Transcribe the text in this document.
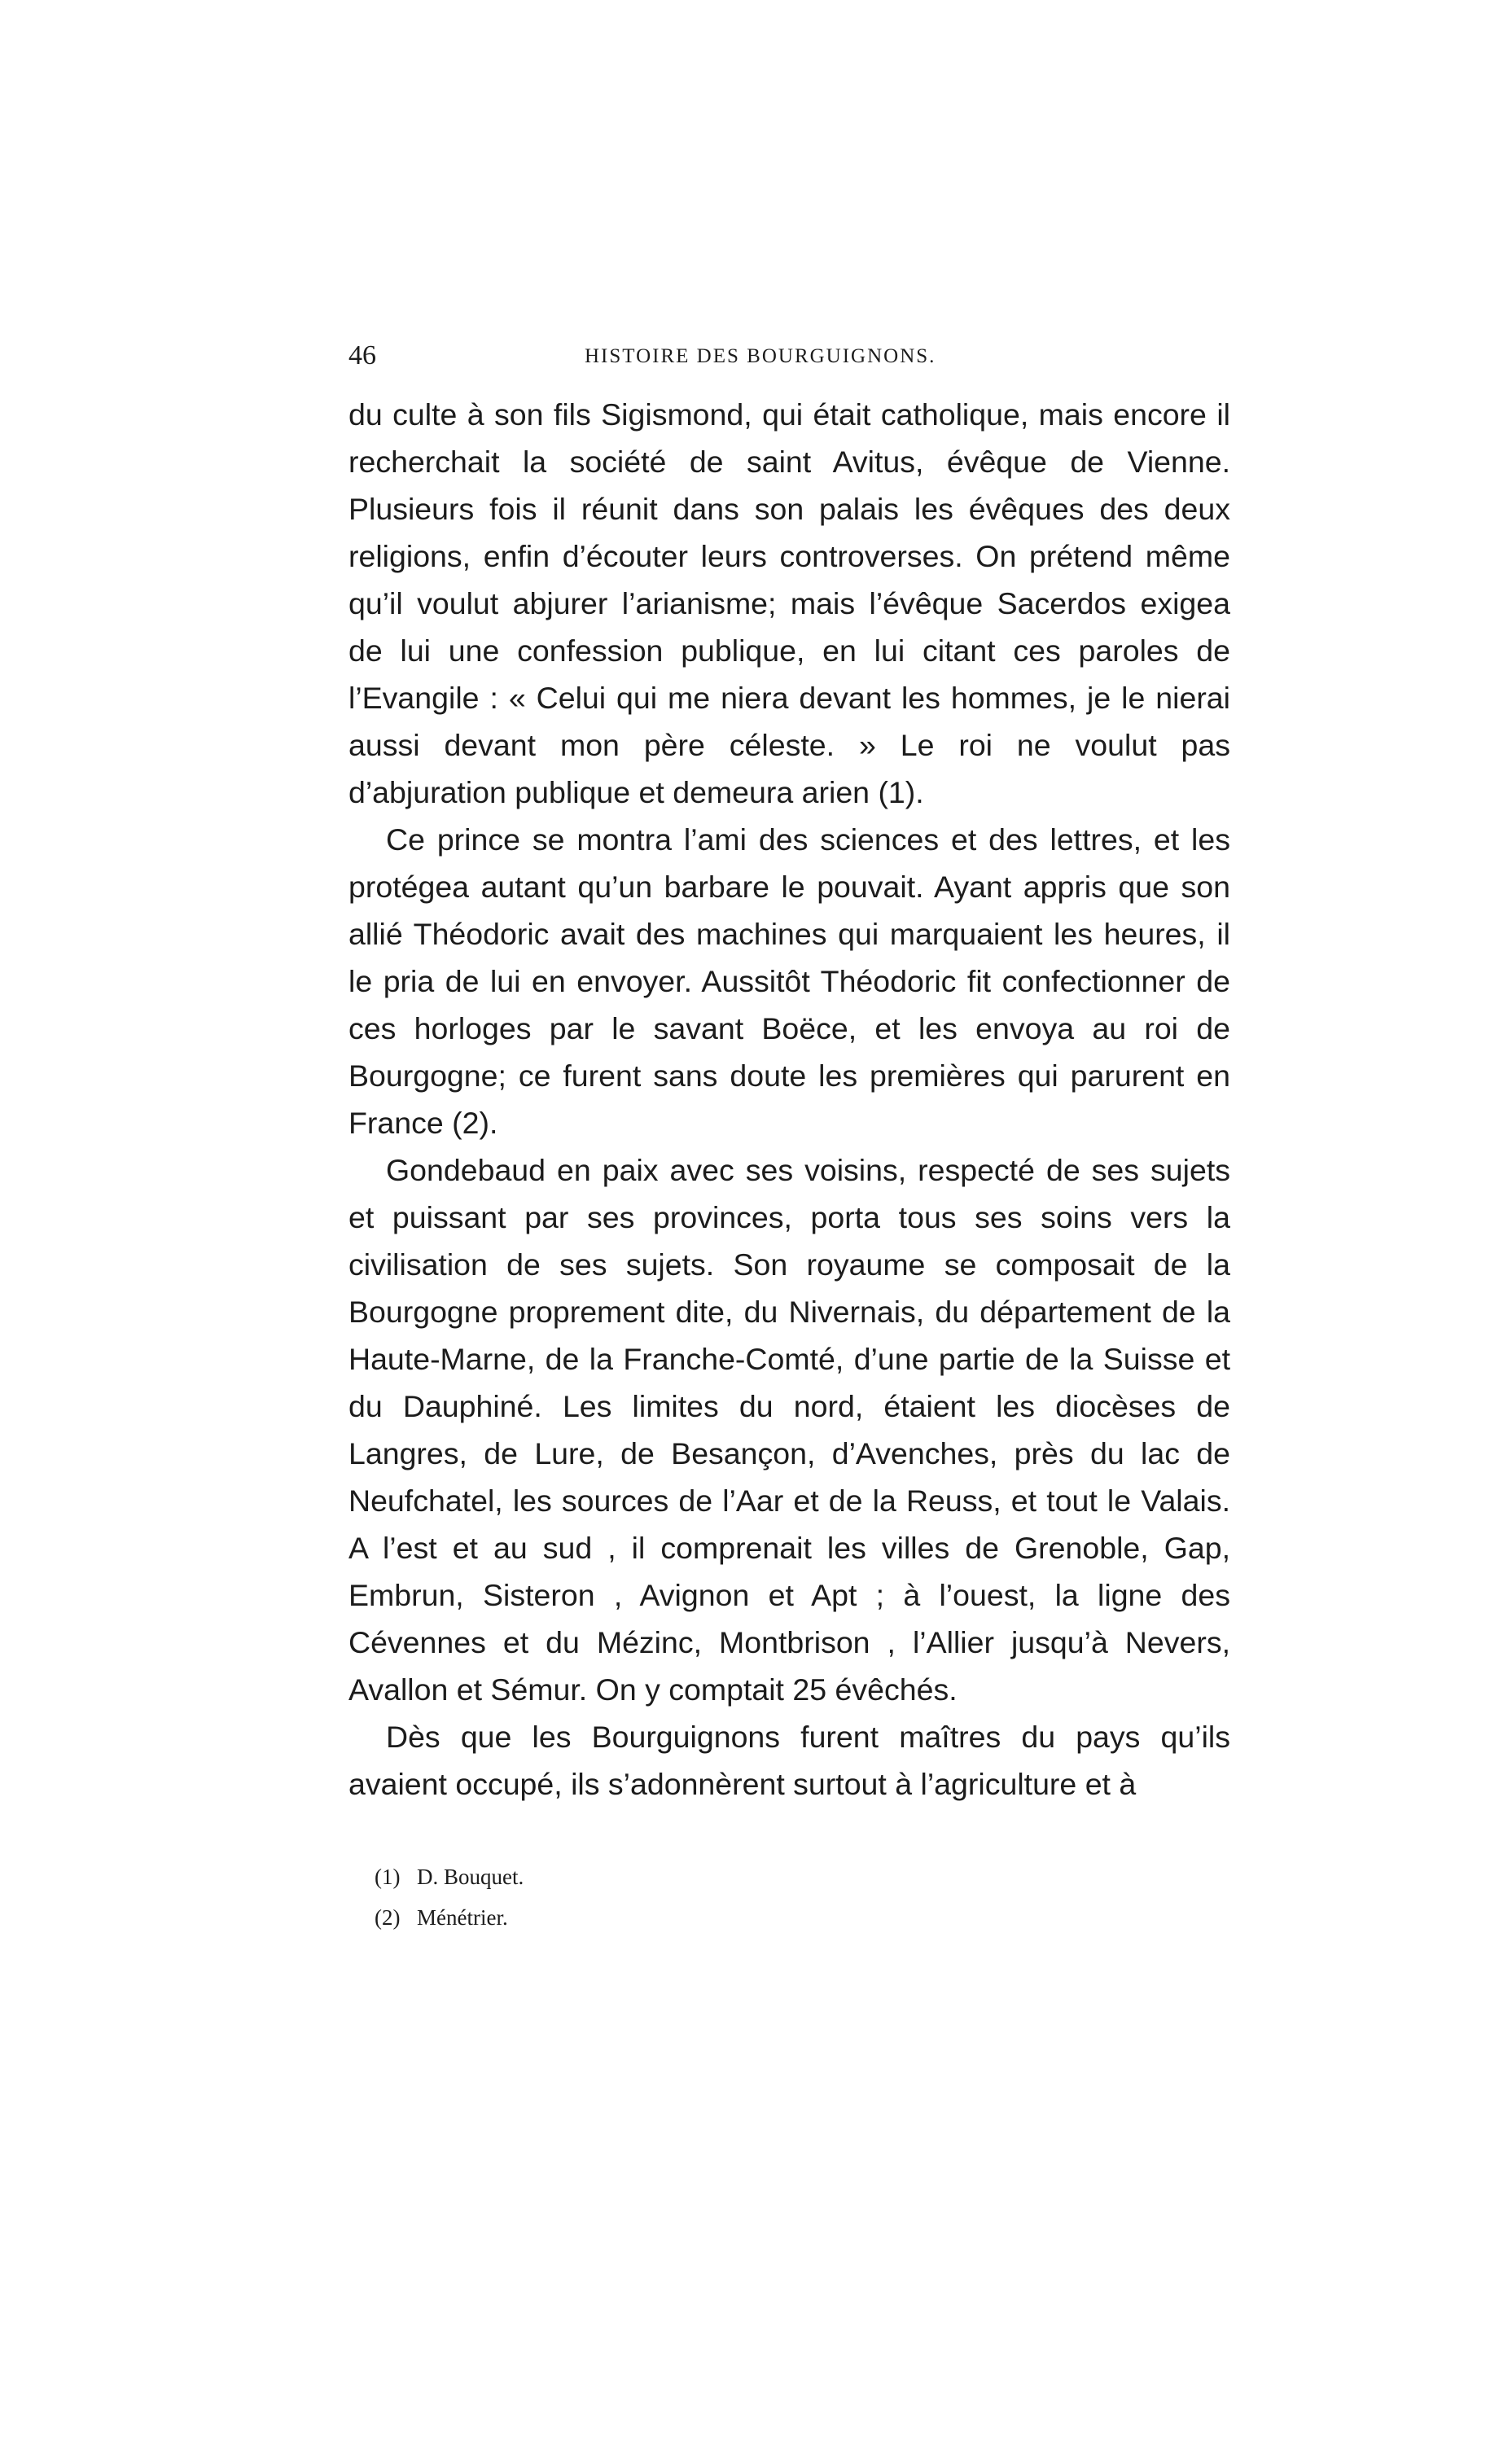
46	HISTOIRE DES BOURGUIGNONS.

du culte à son fils Sigismond, qui était catholique, mais encore il recherchait la société de saint Avitus, évêque de Vienne. Plusieurs fois il réunit dans son palais les évêques des deux religions, enfin d’écouter leurs controverses. On prétend même qu’il voulut abjurer l’arianisme; mais l’évêque Sacerdos exigea de lui une confession publique, en lui citant ces paroles de l’Evangile : « Celui qui me niera devant les hommes, je le nierai aussi devant mon père céleste. » Le roi ne voulut pas d’abjuration publique et demeura arien (1).

Ce prince se montra l’ami des sciences et des lettres, et les protégea autant qu’un barbare le pouvait. Ayant appris que son allié Théodoric avait des machines qui marquaient les heures, il le pria de lui en envoyer. Aussitôt Théodoric fit confectionner de ces horloges par le savant Boëce, et les envoya au roi de Bourgogne; ce furent sans doute les premières qui parurent en France (2).

Gondebaud en paix avec ses voisins, respecté de ses sujets et puissant par ses provinces, porta tous ses soins vers la civilisation de ses sujets. Son royaume se composait de la Bourgogne proprement dite, du Nivernais, du département de la Haute-Marne, de la Franche-Comté, d’une partie de la Suisse et du Dauphiné. Les limites du nord, étaient les diocèses de Langres, de Lure, de Besançon, d’Avenches, près du lac de Neufchatel, les sources de l’Aar et de la Reuss, et tout le Valais. A l’est et au sud , il comprenait les villes de Grenoble, Gap, Embrun, Sisteron , Avignon et Apt ; à l’ouest, la ligne des Cévennes et du Mézinc, Montbrison , l’Allier jusqu’à Nevers, Avallon et Sémur. On y comptait 25 évêchés.

Dès que les Bourguignons furent maîtres du pays qu’ils avaient occupé, ils s’adonnèrent surtout à l’agriculture et à

(1) D. Bouquet.
(2) Ménétrier.
